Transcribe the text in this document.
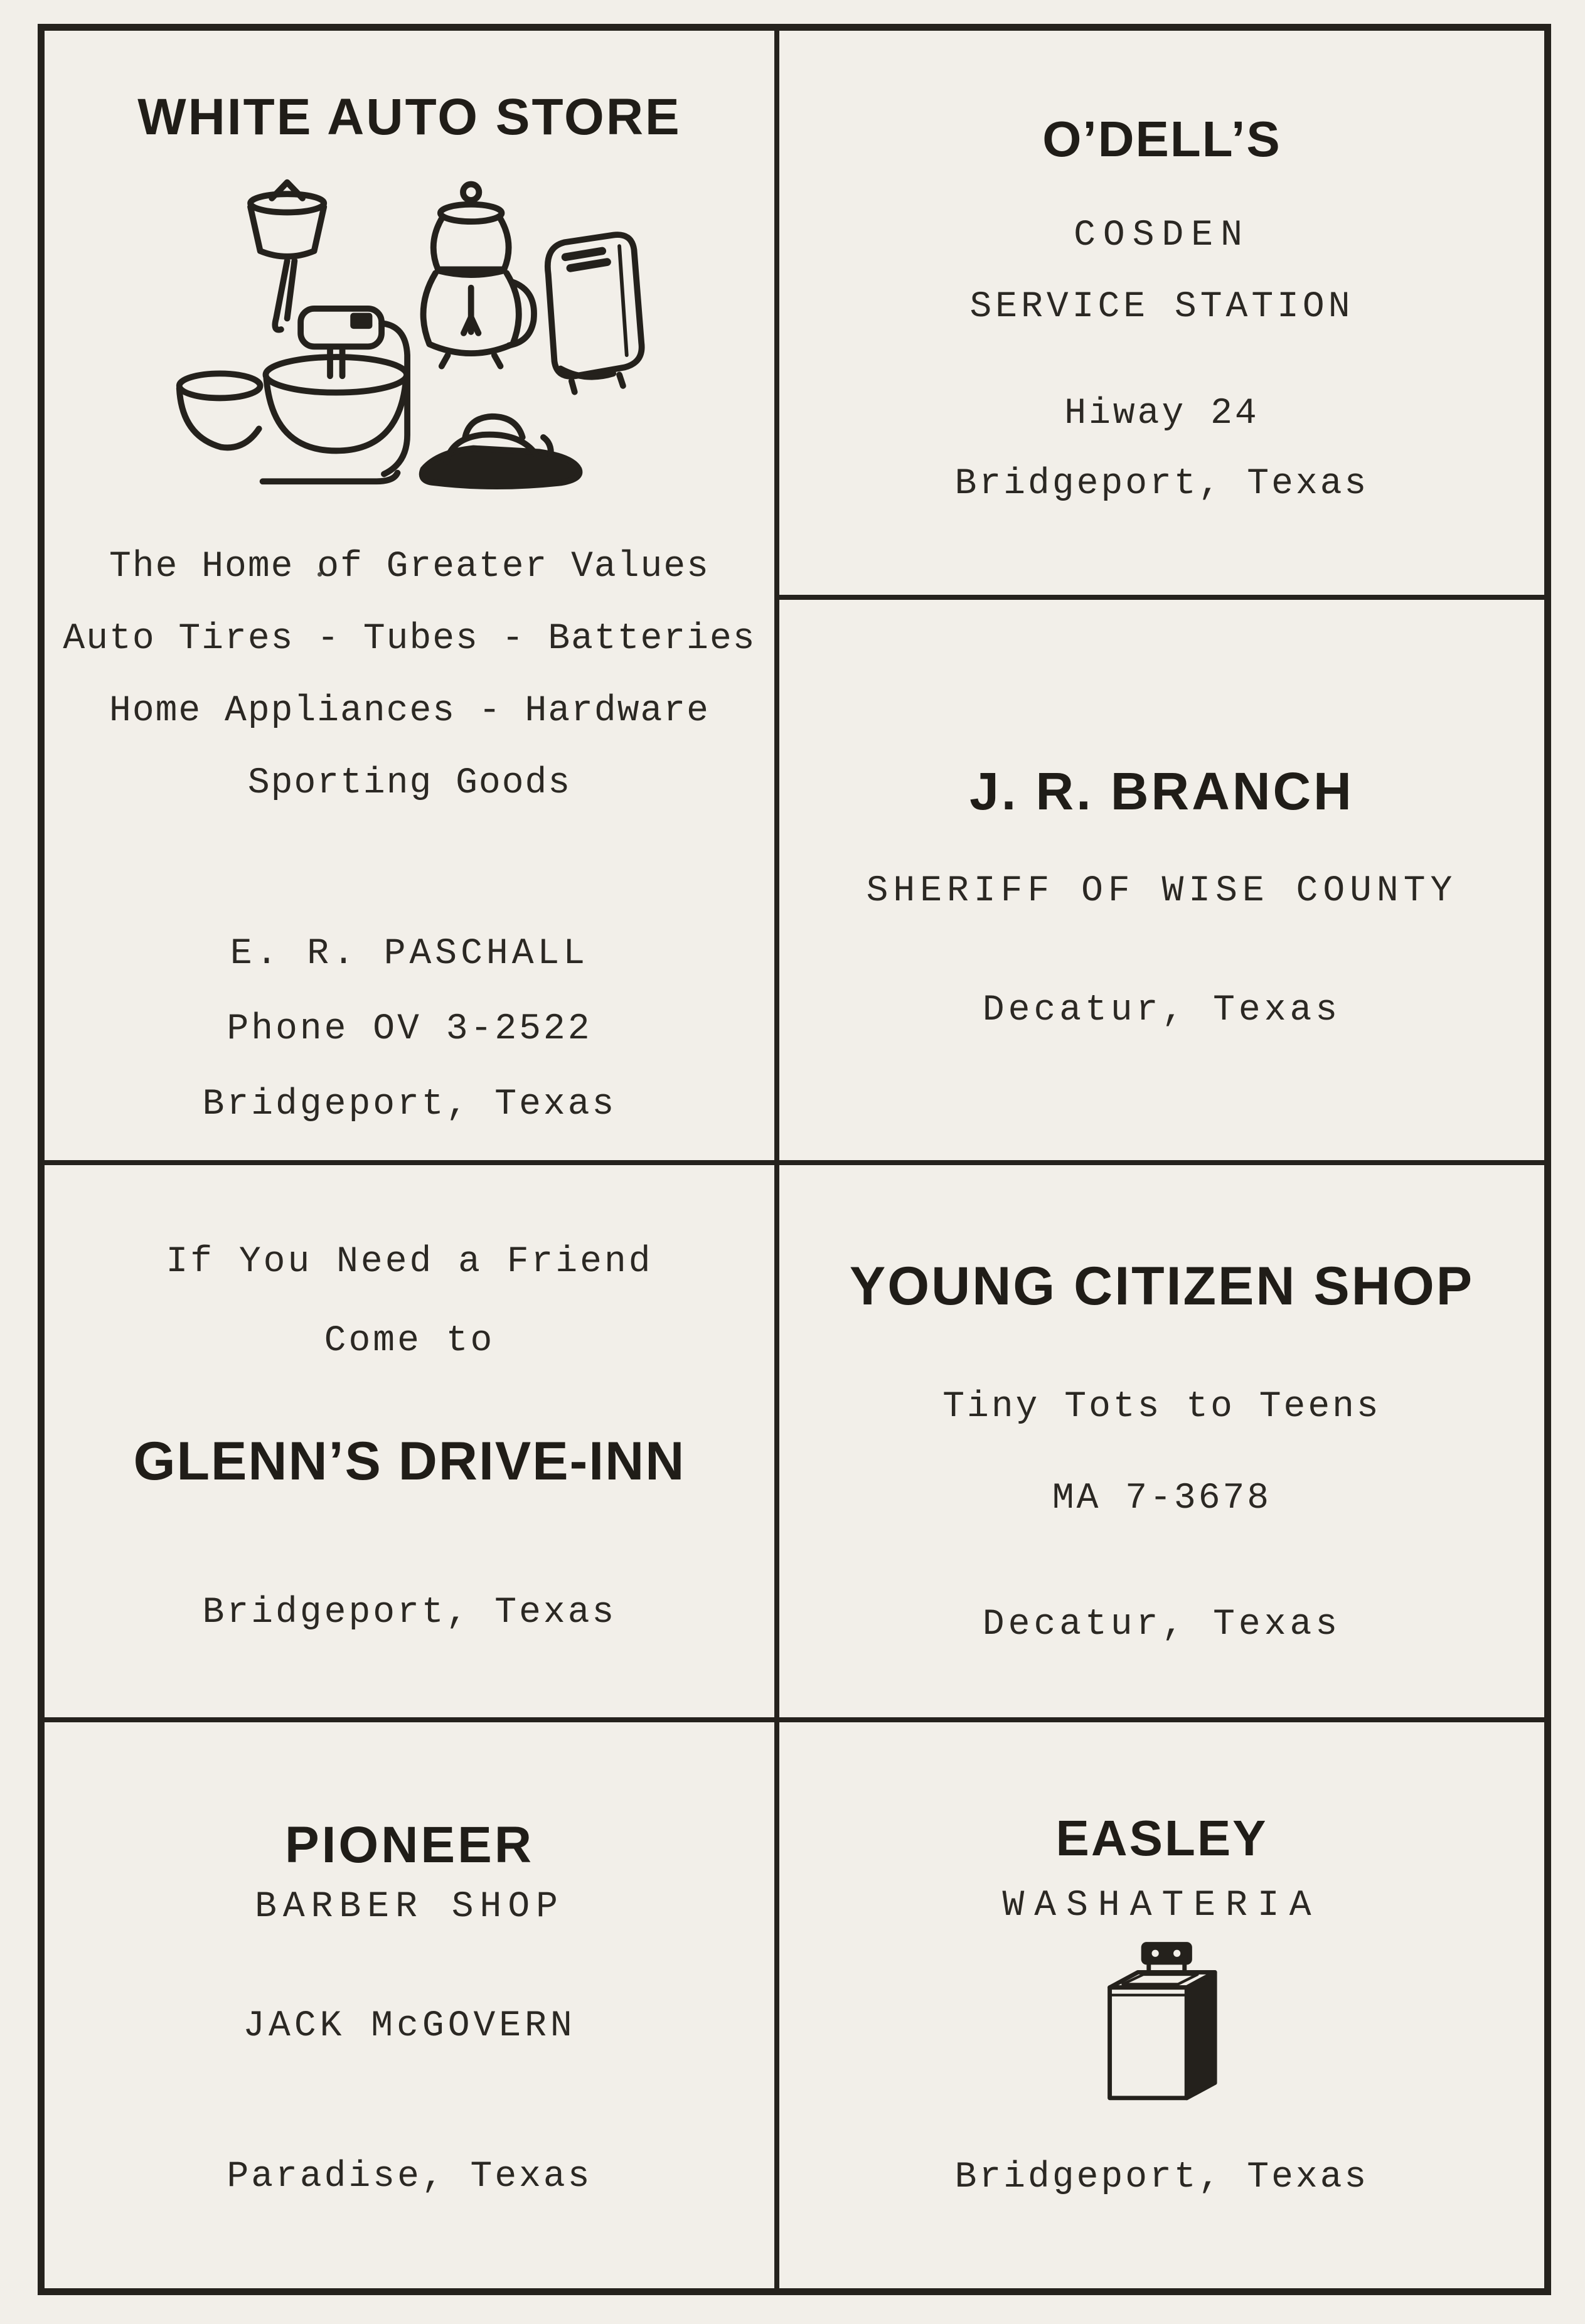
WHITE AUTO STORE
The Home of Greater Values
Auto Tires - Tubes - Batteries
Home Appliances - Hardware
Sporting Goods
E. R. PASCHALL
Phone OV 3-2522
Bridgeport, Texas
O’DELL’S
COSDEN
SERVICE STATION
Hiway 24
Bridgeport, Texas
J. R. BRANCH
SHERIFF OF WISE COUNTY
Decatur, Texas
If You Need a Friend
Come to
GLENN’S DRIVE-INN
Bridgeport, Texas
YOUNG CITIZEN SHOP
Tiny Tots to Teens
MA 7-3678
Decatur, Texas
PIONEER
BARBER SHOP
JACK McGOVERN
Paradise, Texas
EASLEY
WASHATERIA
Bridgeport, Texas
